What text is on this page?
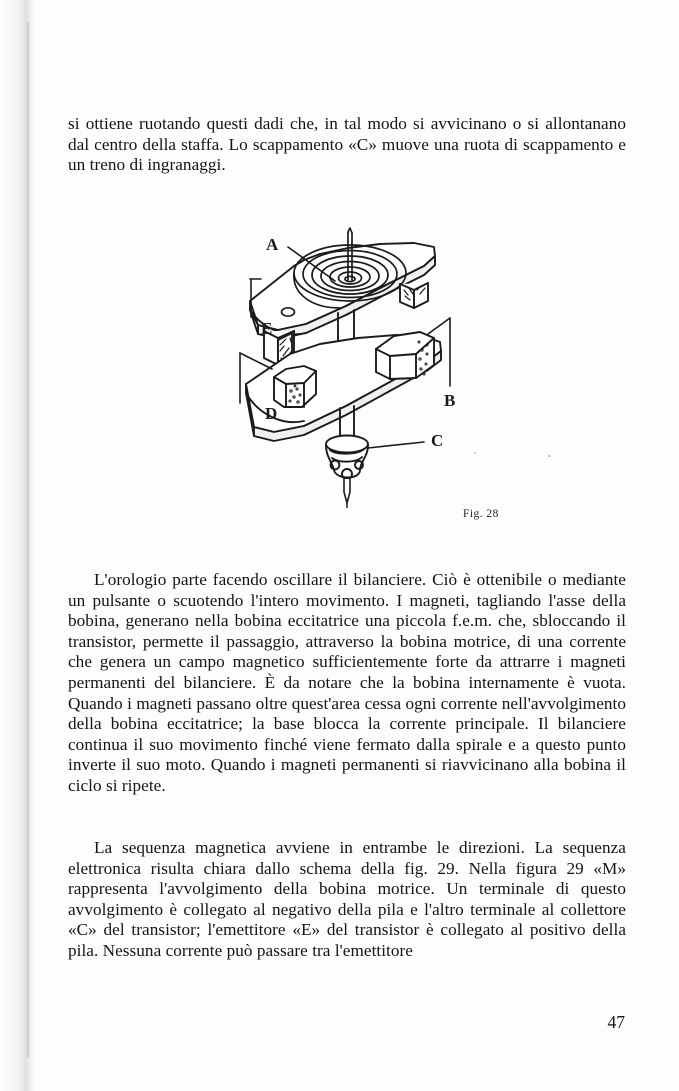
si ottiene ruotando questi dadi che, in tal modo si avvicinano o si allontanano dal centro della staffa. Lo scappamento «C» muove una ruota di scappamento e un treno di ingranaggi.

A
E
D
B
C
Fig. 28

L'orologio parte facendo oscillare il bilanciere. Ciò è ottenibile o mediante un pulsante o scuotendo l'intero movimento. I magneti, tagliando l'asse della bobina, generano nella bobina eccitatrice una piccola f.e.m. che, sbloccando il transistor, permette il passaggio, attraverso la bobina motrice, di una corrente che genera un campo magnetico sufficientemente forte da attrarre i magneti permanenti del bilanciere. È da notare che la bobina internamente è vuota. Quando i magneti passano oltre quest'area cessa ogni corrente nell'avvolgimento della bobina eccitatrice; la base blocca la corrente principale. Il bilanciere continua il suo movimento finché viene fermato dalla spirale e a questo punto inverte il suo moto. Quando i magneti permanenti si riavvicinano alla bobina il ciclo si ripete.

La sequenza magnetica avviene in entrambe le direzioni. La sequenza elettronica risulta chiara dallo schema della fig. 29. Nella figura 29 «M» rappresenta l'avvolgimento della bobina motrice. Un terminale di questo avvolgimento è collegato al negativo della pila e l'altro terminale al collettore «C» del transistor; l'emettitore «E» del transistor è collegato al positivo della pila. Nessuna corrente può passare tra l'emettitore

47
